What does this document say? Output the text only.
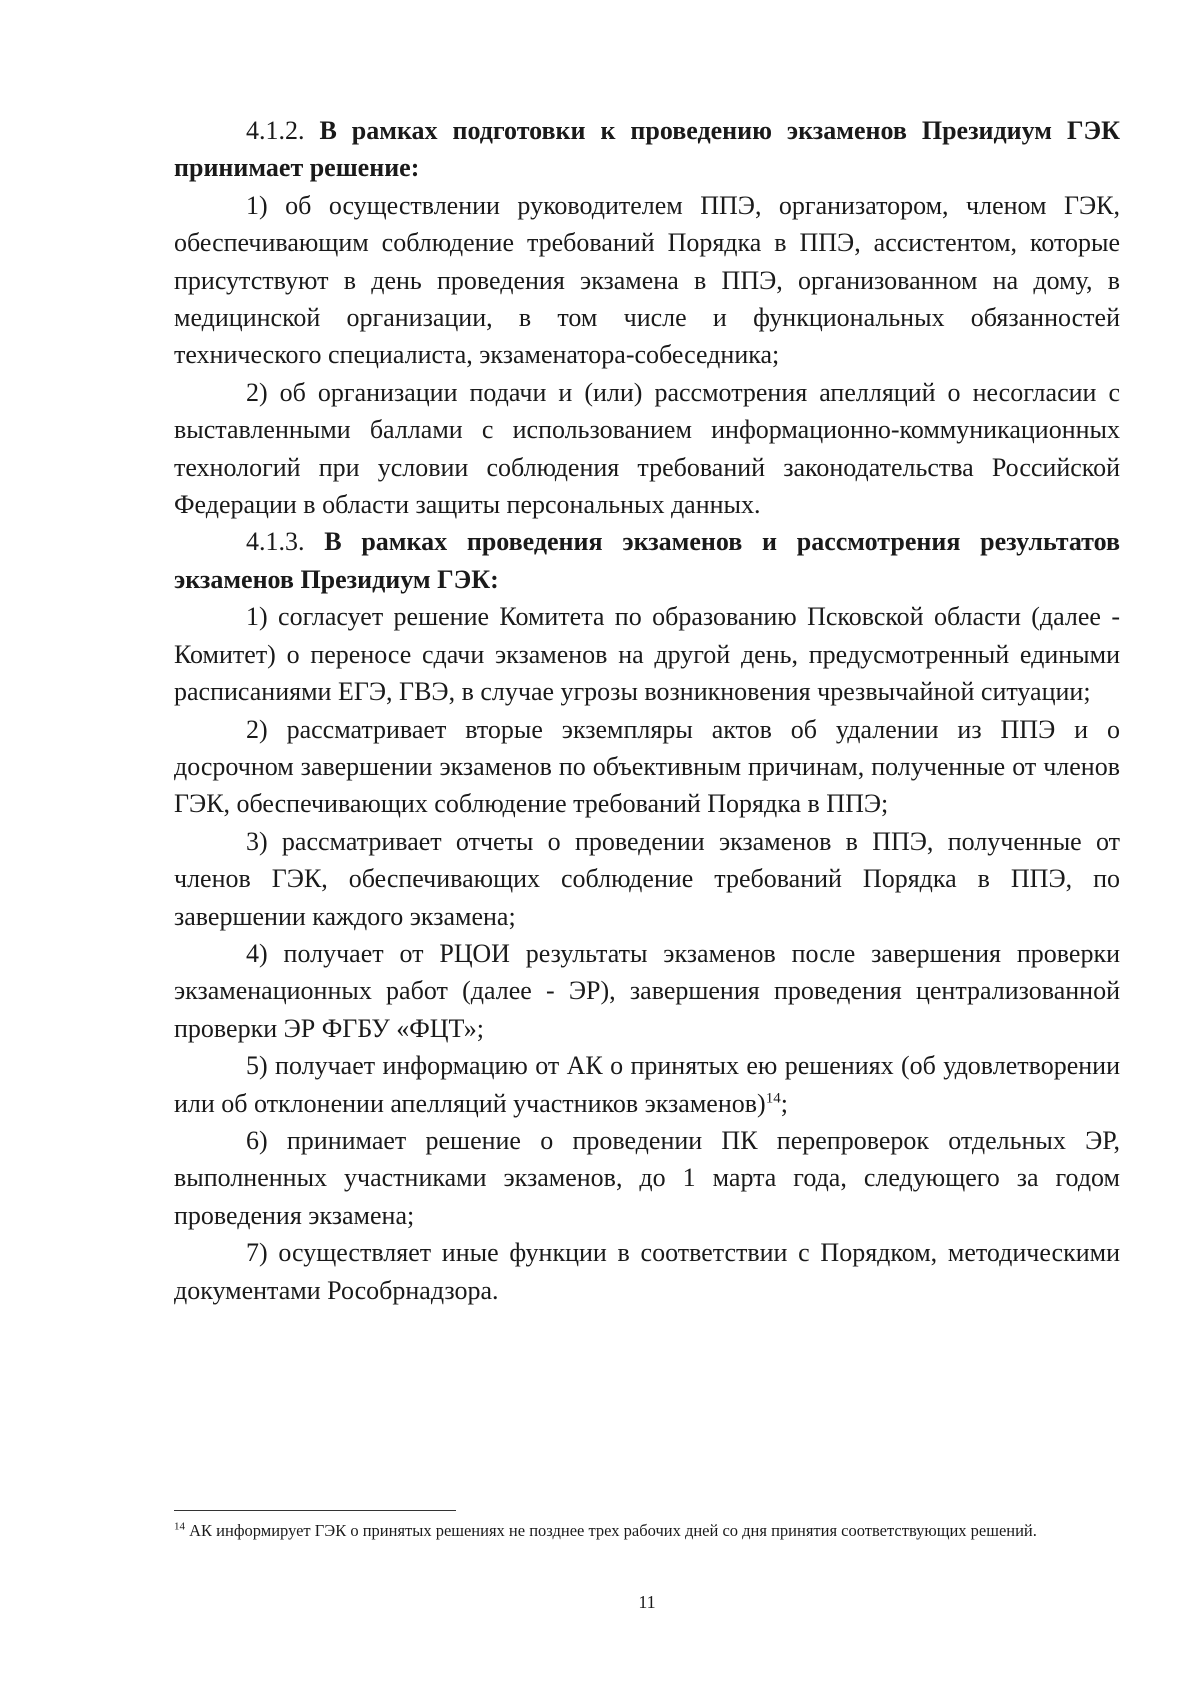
4.1.2. В рамках подготовки к проведению экзаменов Президиум ГЭК принимает решение:

1) об осуществлении руководителем ППЭ, организатором, членом ГЭК, обеспечивающим соблюдение требований Порядка в ППЭ, ассистентом, которые присутствуют в день проведения экзамена в ППЭ, организованном на дому, в медицинской организации, в том числе и функциональных обязанностей технического специалиста, экзаменатора-собеседника;

2) об организации подачи и (или) рассмотрения апелляций о несогласии с выставленными баллами с использованием информационно-коммуникационных технологий при условии соблюдения требований законодательства Российской Федерации в области защиты персональных данных.

4.1.3. В рамках проведения экзаменов и рассмотрения результатов экзаменов Президиум ГЭК:

1) согласует решение Комитета по образованию Псковской области (далее - Комитет) о переносе сдачи экзаменов на другой день, предусмотренный едиными расписаниями ЕГЭ, ГВЭ, в случае угрозы возникновения чрезвычайной ситуации;

2) рассматривает вторые экземпляры актов об удалении из ППЭ и о досрочном завершении экзаменов по объективным причинам, полученные от членов ГЭК, обеспечивающих соблюдение требований Порядка в ППЭ;

3) рассматривает отчеты о проведении экзаменов в ППЭ, полученные от членов ГЭК, обеспечивающих соблюдение требований Порядка в ППЭ, по завершении каждого экзамена;

4) получает от РЦОИ результаты экзаменов после завершения проверки экзаменационных работ (далее - ЭР), завершения проведения централизованной проверки ЭР ФГБУ «ФЦТ»;

5) получает информацию от АК о принятых ею решениях (об удовлетворении или об отклонении апелляций участников экзаменов)$^{14}$;

6) принимает решение о проведении ПК перепроверок отдельных ЭР, выполненных участниками экзаменов, до 1 марта года, следующего за годом проведения экзамена;

7) осуществляет иные функции в соответствии с Порядком, методическими документами Рособрнадзора.

$^{14}$ АК информирует ГЭК о принятых решениях не позднее трех рабочих дней со дня принятия соответствующих решений.

11
